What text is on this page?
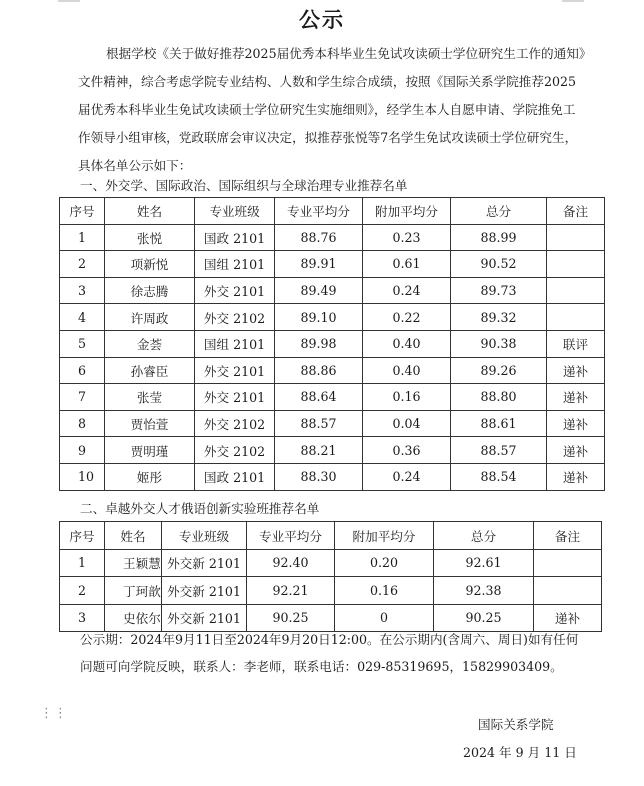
公示

根据学校《关于做好推荐2025届优秀本科毕业生免试攻读硕士学位研究生工作的通知》文件精神，综合考虑学院专业结构、人数和学生综合成绩，按照《国际关系学院推荐2025届优秀本科毕业生免试攻读硕士学位研究生实施细则》，经学生本人自愿申请、学院推免工作领导小组审核，党政联席会审议决定，拟推荐张悦等7名学生免试攻读硕士学位研究生，具体名单公示如下：

一、外交学、国际政治、国际组织与全球治理专业推荐名单
序号	姓名	专业班级	专业平均分	附加平均分	总分	备注
1	张悦	国政 2101	88.76	0.23	88.99	
2	项新悦	国组 2101	89.91	0.61	90.52	
3	徐志腾	外交 2101	89.49	0.24	89.73	
4	许周政	外交 2102	89.10	0.22	89.32	
5	金荟	国组 2101	89.98	0.40	90.38	联评
6	孙睿臣	外交 2101	88.86	0.40	89.26	递补
7	张莹	外交 2101	88.64	0.16	88.80	递补
8	贾怡萱	外交 2102	88.57	0.04	88.61	递补
9	贾明瑾	外交 2102	88.21	0.36	88.57	递补
10	姬彤	国政 2101	88.30	0.24	88.54	递补
二、卓越外交人才俄语创新实验班推荐名单
序号	姓名	专业班级	专业平均分	附加平均分	总分	备注
1	王颖慧	外交新 2101	92.40	0.20	92.61	
2	丁珂歆	外交新 2101	92.21	0.16	92.38	
3	史依尔	外交新 2101	90.25	0	90.25	递补

公示期：2024年9月11日至2024年9月20日12:00。在公示期内(含周六、周日)如有任何问题可向学院反映，联系人：李老师，联系电话：029-85319695，15829903409。

⋮⋮
国际关系学院
2024 年 9 月 11 日
